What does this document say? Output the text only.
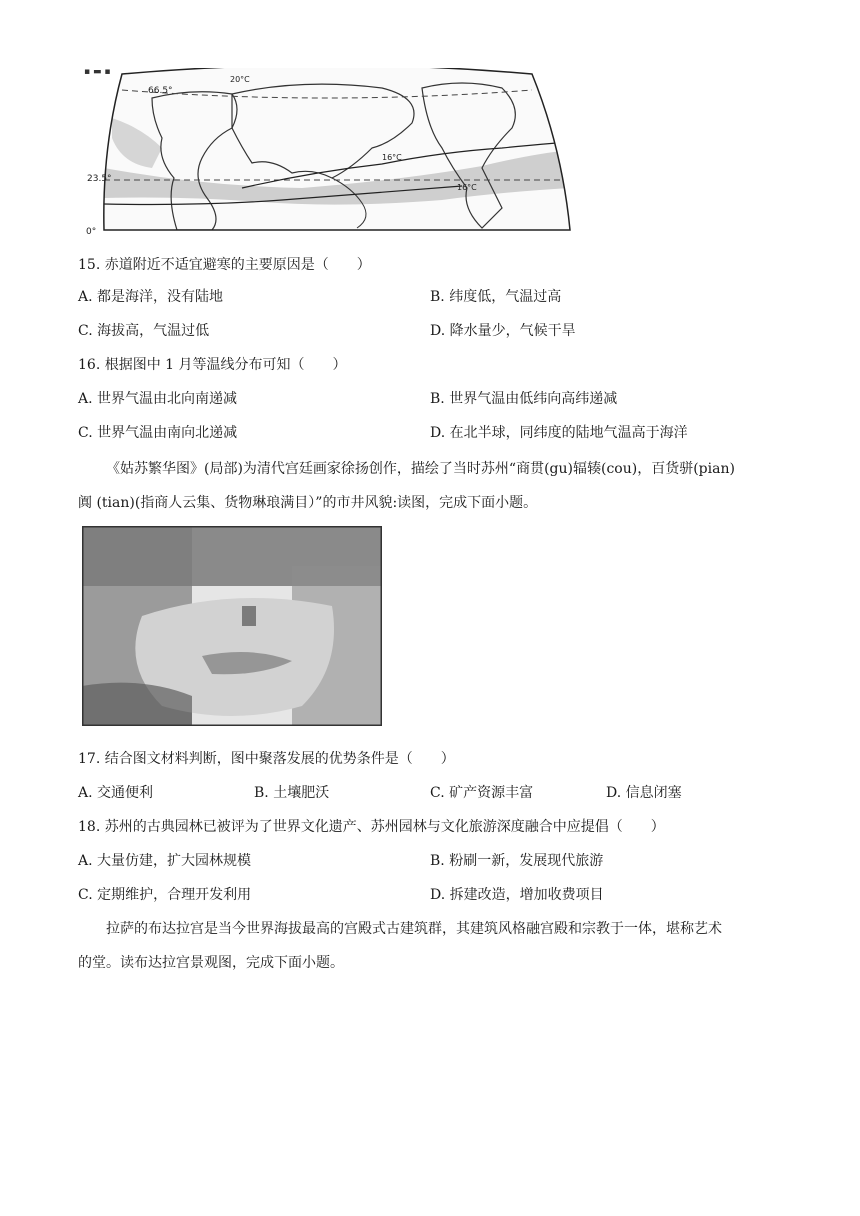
▪ ▬ ▪
66.5°
23.5°
0°
20°C
16°C
16°C
15. 赤道附近不适宜避寒的主要原因是（　　）
A. 都是海洋，没有陆地	B. 纬度低，气温过高
C. 海拔高，气温过低	D. 降水量少，气候干旱
16. 根据图中 1 月等温线分布可知（　　）
A. 世界气温由北向南递减	B. 世界气温由低纬向高纬递减
C. 世界气温由南向北递减	D. 在北半球，同纬度的陆地气温高于海洋
《姑苏繁华图》(局部)为清代宫廷画家徐扬创作，描绘了当时苏州“商贯(gu)辐辏(cou)，百货骈(pian)
阗 (tian)(指商人云集、货物琳琅满目）”的市井风貌:读图，完成下面小题。
17. 结合图文材料判断，图中聚落发展的优势条件是（　　）
A. 交通便利	B. 土壤肥沃	C. 矿产资源丰富	D. 信息闭塞
18. 苏州的古典园林已被评为了世界文化遗产、苏州园林与文化旅游深度融合中应提倡（　　）
A. 大量仿建，扩大园林规模	B. 粉刷一新，发展现代旅游
C. 定期维护，合理开发利用	D. 拆建改造，增加收费项目
拉萨的布达拉宫是当今世界海拔最高的宫殿式古建筑群，其建筑风格融宫殿和宗教于一体，堪称艺术
的堂。读布达拉宫景观图，完成下面小题。
